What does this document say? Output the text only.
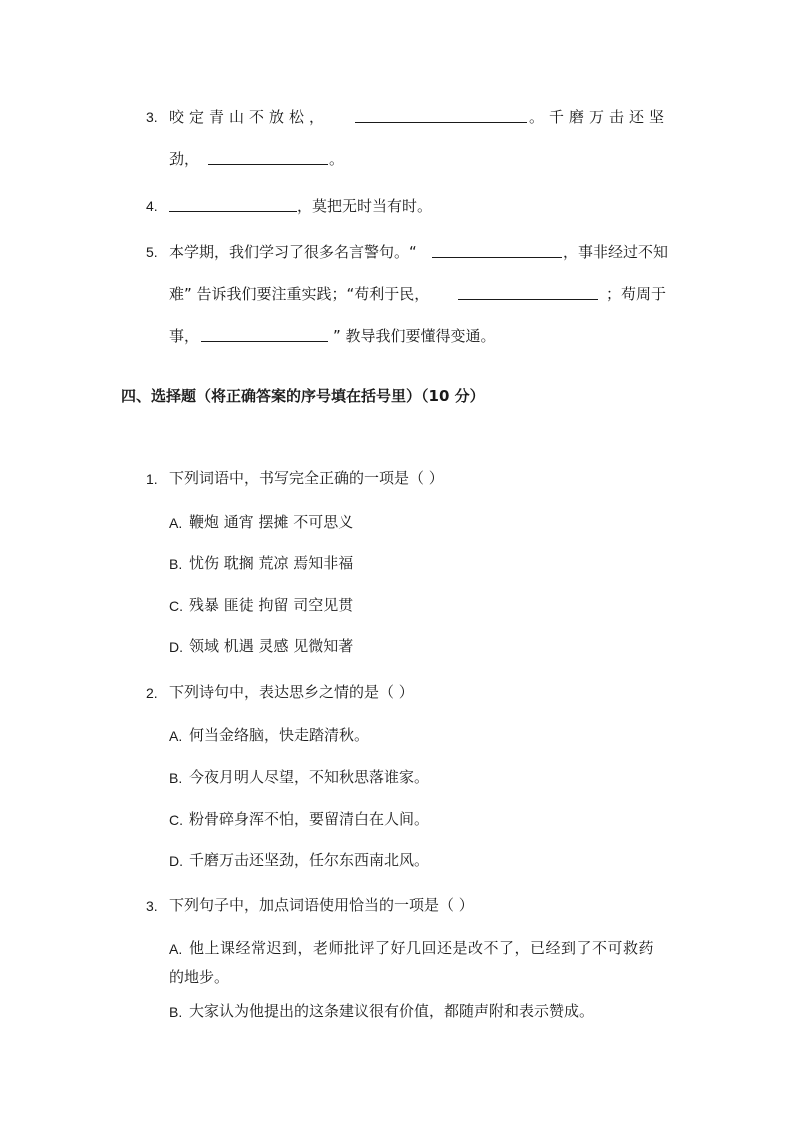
3. 咬定青山不放松，	。千磨万击还坚
劲，	。
4.	，莫把无时当有时。
5. 本学期，我们学习了很多名言警句。“	，事非经过不知
难” 告诉我们要注重实践；“苟利于民，	；苟周于
事，	” 教导我们要懂得变通。
四、选择题（将正确答案的序号填在括号里）（10 分）
1. 下列词语中，书写完全正确的一项是（ ）
A. 鞭炮 通宵 摆摊 不可思义
B. 忧伤 耽搁 荒凉 焉知非福
C. 残暴 匪徒 拘留 司空见贯
D. 领域 机遇 灵感 见微知著
2. 下列诗句中，表达思乡之情的是（ ）
A. 何当金络脑，快走踏清秋。
B. 今夜月明人尽望，不知秋思落谁家。
C. 粉骨碎身浑不怕，要留清白在人间。
D. 千磨万击还坚劲，任尔东西南北风。
3. 下列句子中，加点词语使用恰当的一项是（ ）
A. 他上课经常迟到，老师批评了好几回还是改不了，已经到了不可救药
的地步。
B. 大家认为他提出的这条建议很有价值，都随声附和表示赞成。
